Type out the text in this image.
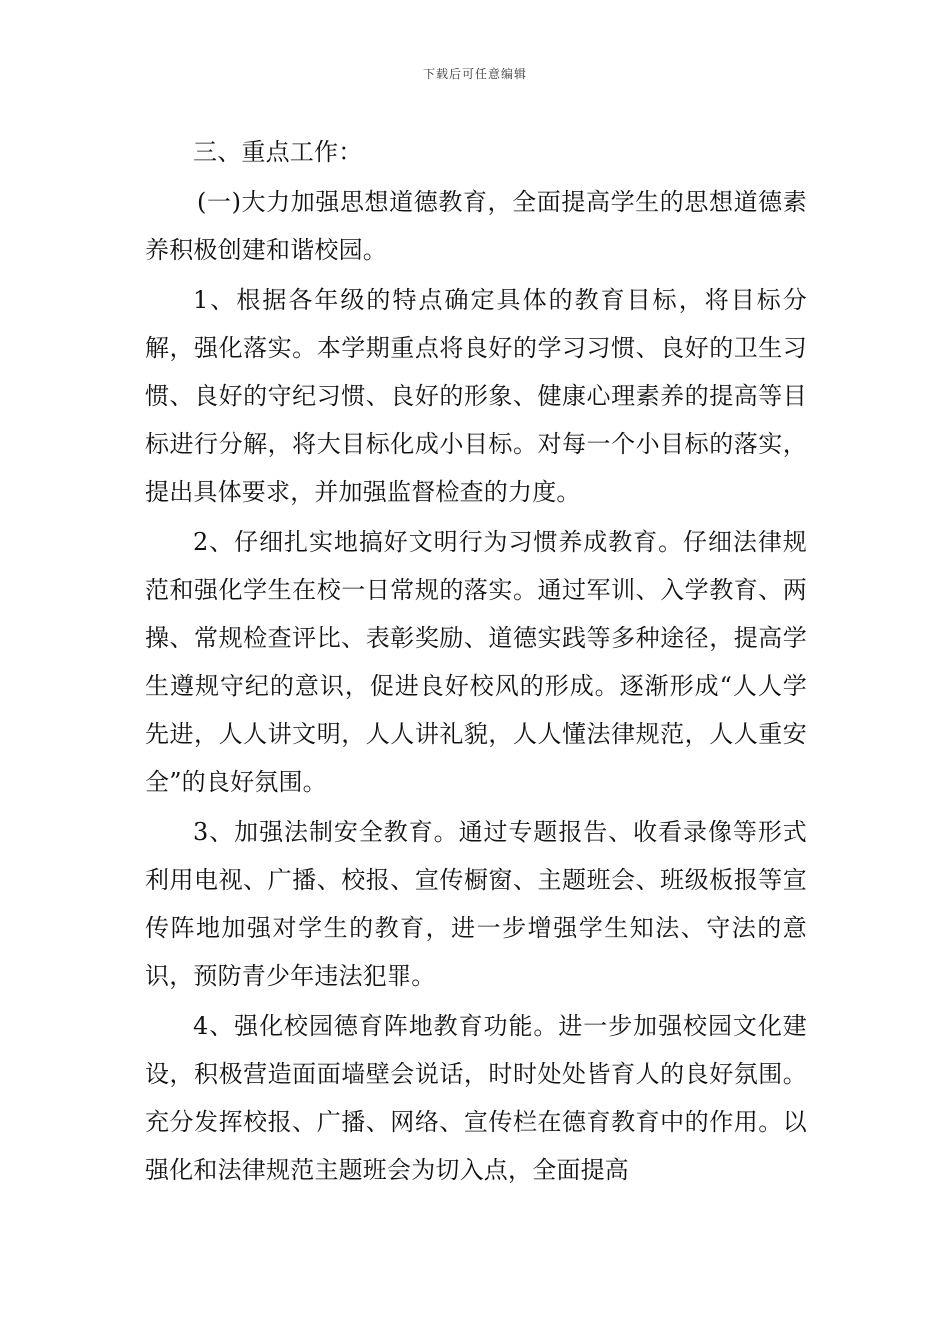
下载后可任意编辑

三、重点工作：

(一)大力加强思想道德教育，全面提高学生的思想道德素养积极创建和谐校园。

1、根据各年级的特点确定具体的教育目标，将目标分解，强化落实。本学期重点将良好的学习习惯、良好的卫生习惯、良好的守纪习惯、良好的形象、健康心理素养的提高等目标进行分解，将大目标化成小目标。对每一个小目标的落实，提出具体要求，并加强监督检查的力度。

2、仔细扎实地搞好文明行为习惯养成教育。仔细法律规范和强化学生在校一日常规的落实。通过军训、入学教育、两操、常规检查评比、表彰奖励、道德实践等多种途径，提高学生遵规守纪的意识，促进良好校风的形成。逐渐形成“人人学先进，人人讲文明，人人讲礼貌，人人懂法律规范，人人重安全”的良好氛围。

3、加强法制安全教育。通过专题报告、收看录像等形式利用电视、广播、校报、宣传橱窗、主题班会、班级板报等宣传阵地加强对学生的教育，进一步增强学生知法、守法的意识，预防青少年违法犯罪。

4、强化校园德育阵地教育功能。进一步加强校园文化建设，积极营造面面墙壁会说话，时时处处皆育人的良好氛围。充分发挥校报、广播、网络、宣传栏在德育教育中的作用。以强化和法律规范主题班会为切入点，全面提高
